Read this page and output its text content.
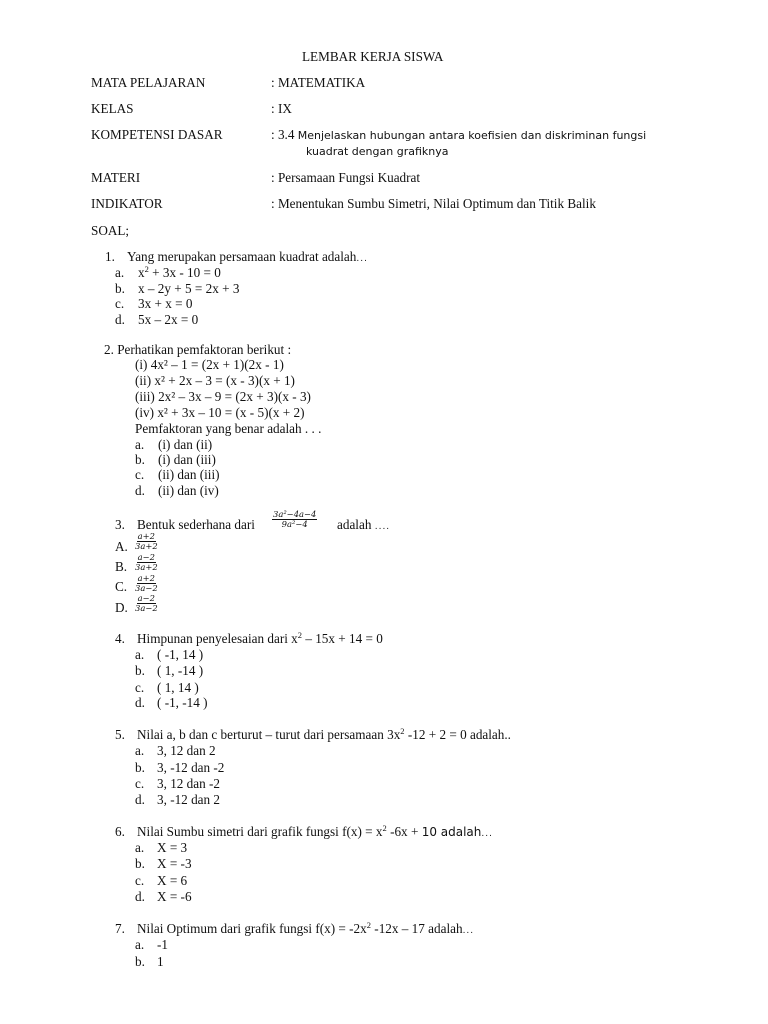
LEMBAR KERJA SISWA
MATA PELAJARAN	: MATEMATIKA
KELAS	: IX
KOMPETENSI DASAR	: 3.4 Menjelaskan hubungan antara koefisien dan diskriminan fungsi
kuadrat dengan grafiknya
MATERI	: Persamaan Fungsi Kuadrat
INDIKATOR	: Menentukan Sumbu Simetri, Nilai Optimum dan Titik Balik
SOAL;
1. Yang merupakan persamaan kuadrat adalah...
a. $x^2 + 3x - 10 = 0$
b. x – 2y + 5 = 2x + 3
c. 3x + x = 0
d. 5x – 2x = 0
2. Perhatikan pemfaktoran berikut :
(i) 4x² – 1 = (2x + 1)(2x - 1)
(ii) x² + 2x – 3 = (x - 3)(x + 1)
(iii) 2x² – 3x – 9 = (2x + 3)(x - 3)
(iv) x² + 3x – 10 = (x - 5)(x + 2)
Pemfaktoran yang benar adalah . . .
a. (i) dan (ii)
b. (i) dan (iii)
c. (ii) dan (iii)
d. (ii) dan (iv)
3. Bentuk sederhana dari $\frac{\text{3a²−4a−4}}{\text{9a²−4}}$ adalah ....
A. $\frac{a+2}{3a+2}$
B. $\frac{a-2}{3a+2}$
C. $\frac{a+2}{3a-2}$
D. $\frac{a-2}{3a-2}$
4. Himpunan penyelesaian dari $x^2 - 15x + 14 = 0$
a. ( -1, 14 )
b. ( 1, -14 )
c. ( 1, 14 )
d. ( -1, -14 )
5. Nilai a, b dan c berturut – turut dari persamaan $3x^2$ -12 + 2 = 0 adalah..
a. 3, 12 dan 2
b. 3, -12 dan -2
c. 3, 12 dan -2
d. 3, -12 dan 2
6. Nilai Sumbu simetri dari grafik fungsi $f(x) = x^2$ -6x + 10 adalah...
a. X = 3
b. X = -3
c. X = 6
d. X = -6
7. Nilai Optimum dari grafik fungsi $f(x) = -2x^2$ -12x – 17 adalah...
a. -1
b. 1
